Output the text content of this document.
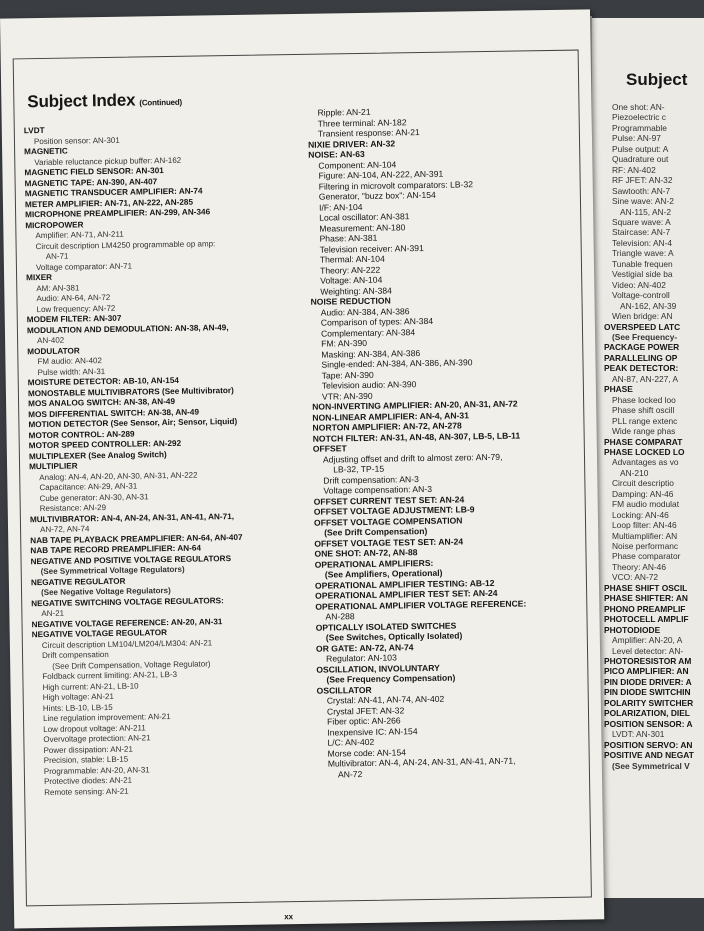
Subject
One shot: AN-
Piezoelectric c
Programmable
Pulse: AN-97
Pulse output: A
Quadrature out
RF: AN-402
RF JFET: AN-32
Sawtooth: AN-7
Sine wave: AN-2
AN-115, AN-2
Square wave: A
Staircase: AN-7
Television: AN-4
Triangle wave: A
Tunable frequen
Vestigial side ba
Video: AN-402
Voltage-controll
AN-162, AN-39
Wien bridge: AN
OVERSPEED LATC
(See Frequency-
PACKAGE POWER
PARALLELING OP
PEAK DETECTOR:
AN-87, AN-227, A
PHASE
Phase locked loo
Phase shift oscill
PLL range extenc
Wide range phas
PHASE COMPARAT
PHASE LOCKED LO
Advantages as vo
AN-210
Circuit descriptio
Damping: AN-46
FM audio modulat
Locking: AN-46
Loop filter: AN-46
Multiamplifier: AN
Noise performanc
Phase comparator
Theory: AN-46
VCO: AN-72
PHASE SHIFT OSCIL
PHASE SHIFTER: AN
PHONO PREAMPLIF
PHOTOCELL AMPLIF
PHOTODIODE
Amplifier: AN-20, A
Level detector: AN-
PHOTORESISTOR AM
PICO AMPLIFIER: AN
PIN DIODE DRIVER: A
PIN DIODE SWITCHIN
POLARITY SWITCHER
POLARIZATION, DIEL
POSITION SENSOR: A
LVDT: AN-301
POSITION SERVO: AN
POSITIVE AND NEGAT
(See Symmetrical V
Subject Index (Continued)
LVDT
Position sensor: AN-301
MAGNETIC
Variable reluctance pickup buffer: AN-162
MAGNETIC FIELD SENSOR: AN-301
MAGNETIC TAPE: AN-390, AN-407
MAGNETIC TRANSDUCER AMPLIFIER: AN-74
METER AMPLIFIER: AN-71, AN-222, AN-285
MICROPHONE PREAMPLIFIER: AN-299, AN-346
MICROPOWER
Amplifier: AN-71, AN-211
Circuit description LM4250 programmable op amp:
AN-71
Voltage comparator: AN-71
MIXER
AM: AN-381
Audio: AN-64, AN-72
Low frequency: AN-72
MODEM FILTER: AN-307
MODULATION AND DEMODULATION: AN-38, AN-49,
AN-402
MODULATOR
FM audio: AN-402
Pulse width: AN-31
MOISTURE DETECTOR: AB-10, AN-154
MONOSTABLE MULTIVIBRATORS (See Multivibrator)
MOS ANALOG SWITCH: AN-38, AN-49
MOS DIFFERENTIAL SWITCH: AN-38, AN-49
MOTION DETECTOR (See Sensor, Air; Sensor, Liquid)
MOTOR CONTROL: AN-289
MOTOR SPEED CONTROLLER: AN-292
MULTIPLEXER (See Analog Switch)
MULTIPLIER
Analog: AN-4, AN-20, AN-30, AN-31, AN-222
Capacitance: AN-29, AN-31
Cube generator: AN-30, AN-31
Resistance: AN-29
MULTIVIBRATOR: AN-4, AN-24, AN-31, AN-41, AN-71,
AN-72, AN-74
NAB TAPE PLAYBACK PREAMPLIFIER: AN-64, AN-407
NAB TAPE RECORD PREAMPLIFIER: AN-64
NEGATIVE AND POSITIVE VOLTAGE REGULATORS
(See Symmetrical Voltage Regulators)
NEGATIVE REGULATOR
(See Negative Voltage Regulators)
NEGATIVE SWITCHING VOLTAGE REGULATORS:
AN-21
NEGATIVE VOLTAGE REFERENCE: AN-20, AN-31
NEGATIVE VOLTAGE REGULATOR
Circuit description LM104/LM204/LM304: AN-21
Drift compensation
(See Drift Compensation, Voltage Regulator)
Foldback current limiting: AN-21, LB-3
High current: AN-21, LB-10
High voltage: AN-21
Hints: LB-10, LB-15
Line regulation improvement: AN-21
Low dropout voltage: AN-211
Overvoltage protection: AN-21
Power dissipation: AN-21
Precision, stable: LB-15
Programmable: AN-20, AN-31
Protective diodes: AN-21
Remote sensing: AN-21
Ripple: AN-21
Three terminal: AN-182
Transient response: AN-21
NIXIE DRIVER: AN-32
NOISE: AN-63
Component: AN-104
Figure: AN-104, AN-222, AN-391
Filtering in microvolt comparators: LB-32
Generator, "buzz box": AN-154
I/F: AN-104
Local oscillator: AN-381
Measurement: AN-180
Phase: AN-381
Television receiver: AN-391
Thermal: AN-104
Theory: AN-222
Voltage: AN-104
Weighting: AN-384
NOISE REDUCTION
Audio: AN-384, AN-386
Comparison of types: AN-384
Complementary: AN-384
FM: AN-390
Masking: AN-384, AN-386
Single-ended: AN-384, AN-386, AN-390
Tape: AN-390
Television audio: AN-390
VTR: AN-390
NON-INVERTING AMPLIFIER: AN-20, AN-31, AN-72
NON-LINEAR AMPLIFIER: AN-4, AN-31
NORTON AMPLIFIER: AN-72, AN-278
NOTCH FILTER: AN-31, AN-48, AN-307, LB-5, LB-11
OFFSET
Adjusting offset and drift to almost zero: AN-79,
LB-32, TP-15
Drift compensation: AN-3
Voltage compensation: AN-3
OFFSET CURRENT TEST SET: AN-24
OFFSET VOLTAGE ADJUSTMENT: LB-9
OFFSET VOLTAGE COMPENSATION
(See Drift Compensation)
OFFSET VOLTAGE TEST SET: AN-24
ONE SHOT: AN-72, AN-88
OPERATIONAL AMPLIFIERS:
(See Amplifiers, Operational)
OPERATIONAL AMPLIFIER TESTING: AB-12
OPERATIONAL AMPLIFIER TEST SET: AN-24
OPERATIONAL AMPLIFIER VOLTAGE REFERENCE:
AN-288
OPTICALLY ISOLATED SWITCHES
(See Switches, Optically Isolated)
OR GATE: AN-72, AN-74
Regulator: AN-103
OSCILLATION, INVOLUNTARY
(See Frequency Compensation)
OSCILLATOR
Crystal: AN-41, AN-74, AN-402
Crystal JFET: AN-32
Fiber optic: AN-266
Inexpensive IC: AN-154
L/C: AN-402
Morse code: AN-154
Multivibrator: AN-4, AN-24, AN-31, AN-41, AN-71,
AN-72
xx
